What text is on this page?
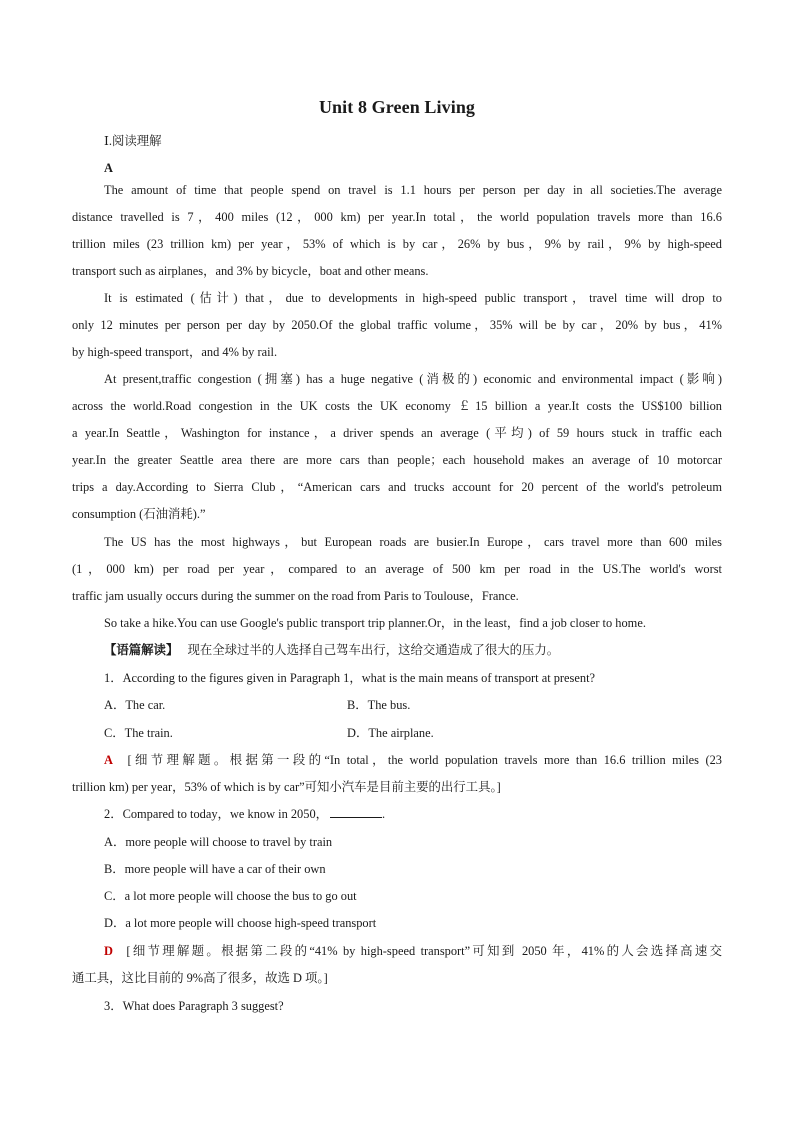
Unit 8 Green Living
Ⅰ.阅读理解
A
The amount of time that people spend on travel is 1.1 hours per person per day in all societies.The average
distance travelled is 7，400 miles (12，000 km) per year.In total，the world population travels more than 16.6
trillion miles (23 trillion km) per year，53% of which is by car，26% by bus，9% by rail，9% by high-speed
transport such as airplanes，and 3% by bicycle，boat and other means.
It is estimated (估计) that，due to developments in high-speed public transport，travel time will drop to
only 12 minutes per person per day by 2050.Of the global traffic volume，35% will be by car，20% by bus，41%
by high-speed transport，and 4% by rail.
At present,traffic congestion (拥塞) has a huge negative (消极的) economic and environmental impact (影响)
across the world.Road congestion in the UK costs the UK economy ￡15 billion a year.It costs the US$100 billion
a year.In Seattle，Washington for instance，a driver spends an average (平均) of 59 hours stuck in traffic each
year.In the greater Seattle area there are more cars than people；each household makes an average of 10 motorcar
trips a day.According to Sierra Club，“American cars and trucks account for 20 percent of the world's petroleum
consumption (石油消耗).”
The US has the most highways，but European roads are busier.In Europe，cars travel more than 600 miles
(1，000 km) per road per year，compared to an average of 500 km per road in the US.The world's worst
traffic jam usually occurs during the summer on the road from Paris to Toulouse，France.
So take a hike.You can use Google's public transport trip planner.Or，in the least，find a job closer to home.
【语篇解读】 现在全球过半的人选择自己驾车出行，这给交通造成了很大的压力。
1．According to the figures given in Paragraph 1，what is the main means of transport at present?
A．The car.	B．The bus.
C．The train.	D．The airplane.
A [细节理解题。根据第一段的“In total，the world population travels more than 16.6 trillion miles (23
trillion km) per year，53% of which is by car”可知小汽车是目前主要的出行工具。]
2．Compared to today，we know in 2050，	.
A．more people will choose to travel by train
B．more people will have a car of their own
C．a lot more people will choose the bus to go out
D．a lot more people will choose high-speed transport
D [细节理解题。根据第二段的“41% by high-speed transport”可知到 2050 年，41%的人会选择高速交
通工具，这比目前的 9%高了很多，故选 D 项。]
3．What does Paragraph 3 suggest?
